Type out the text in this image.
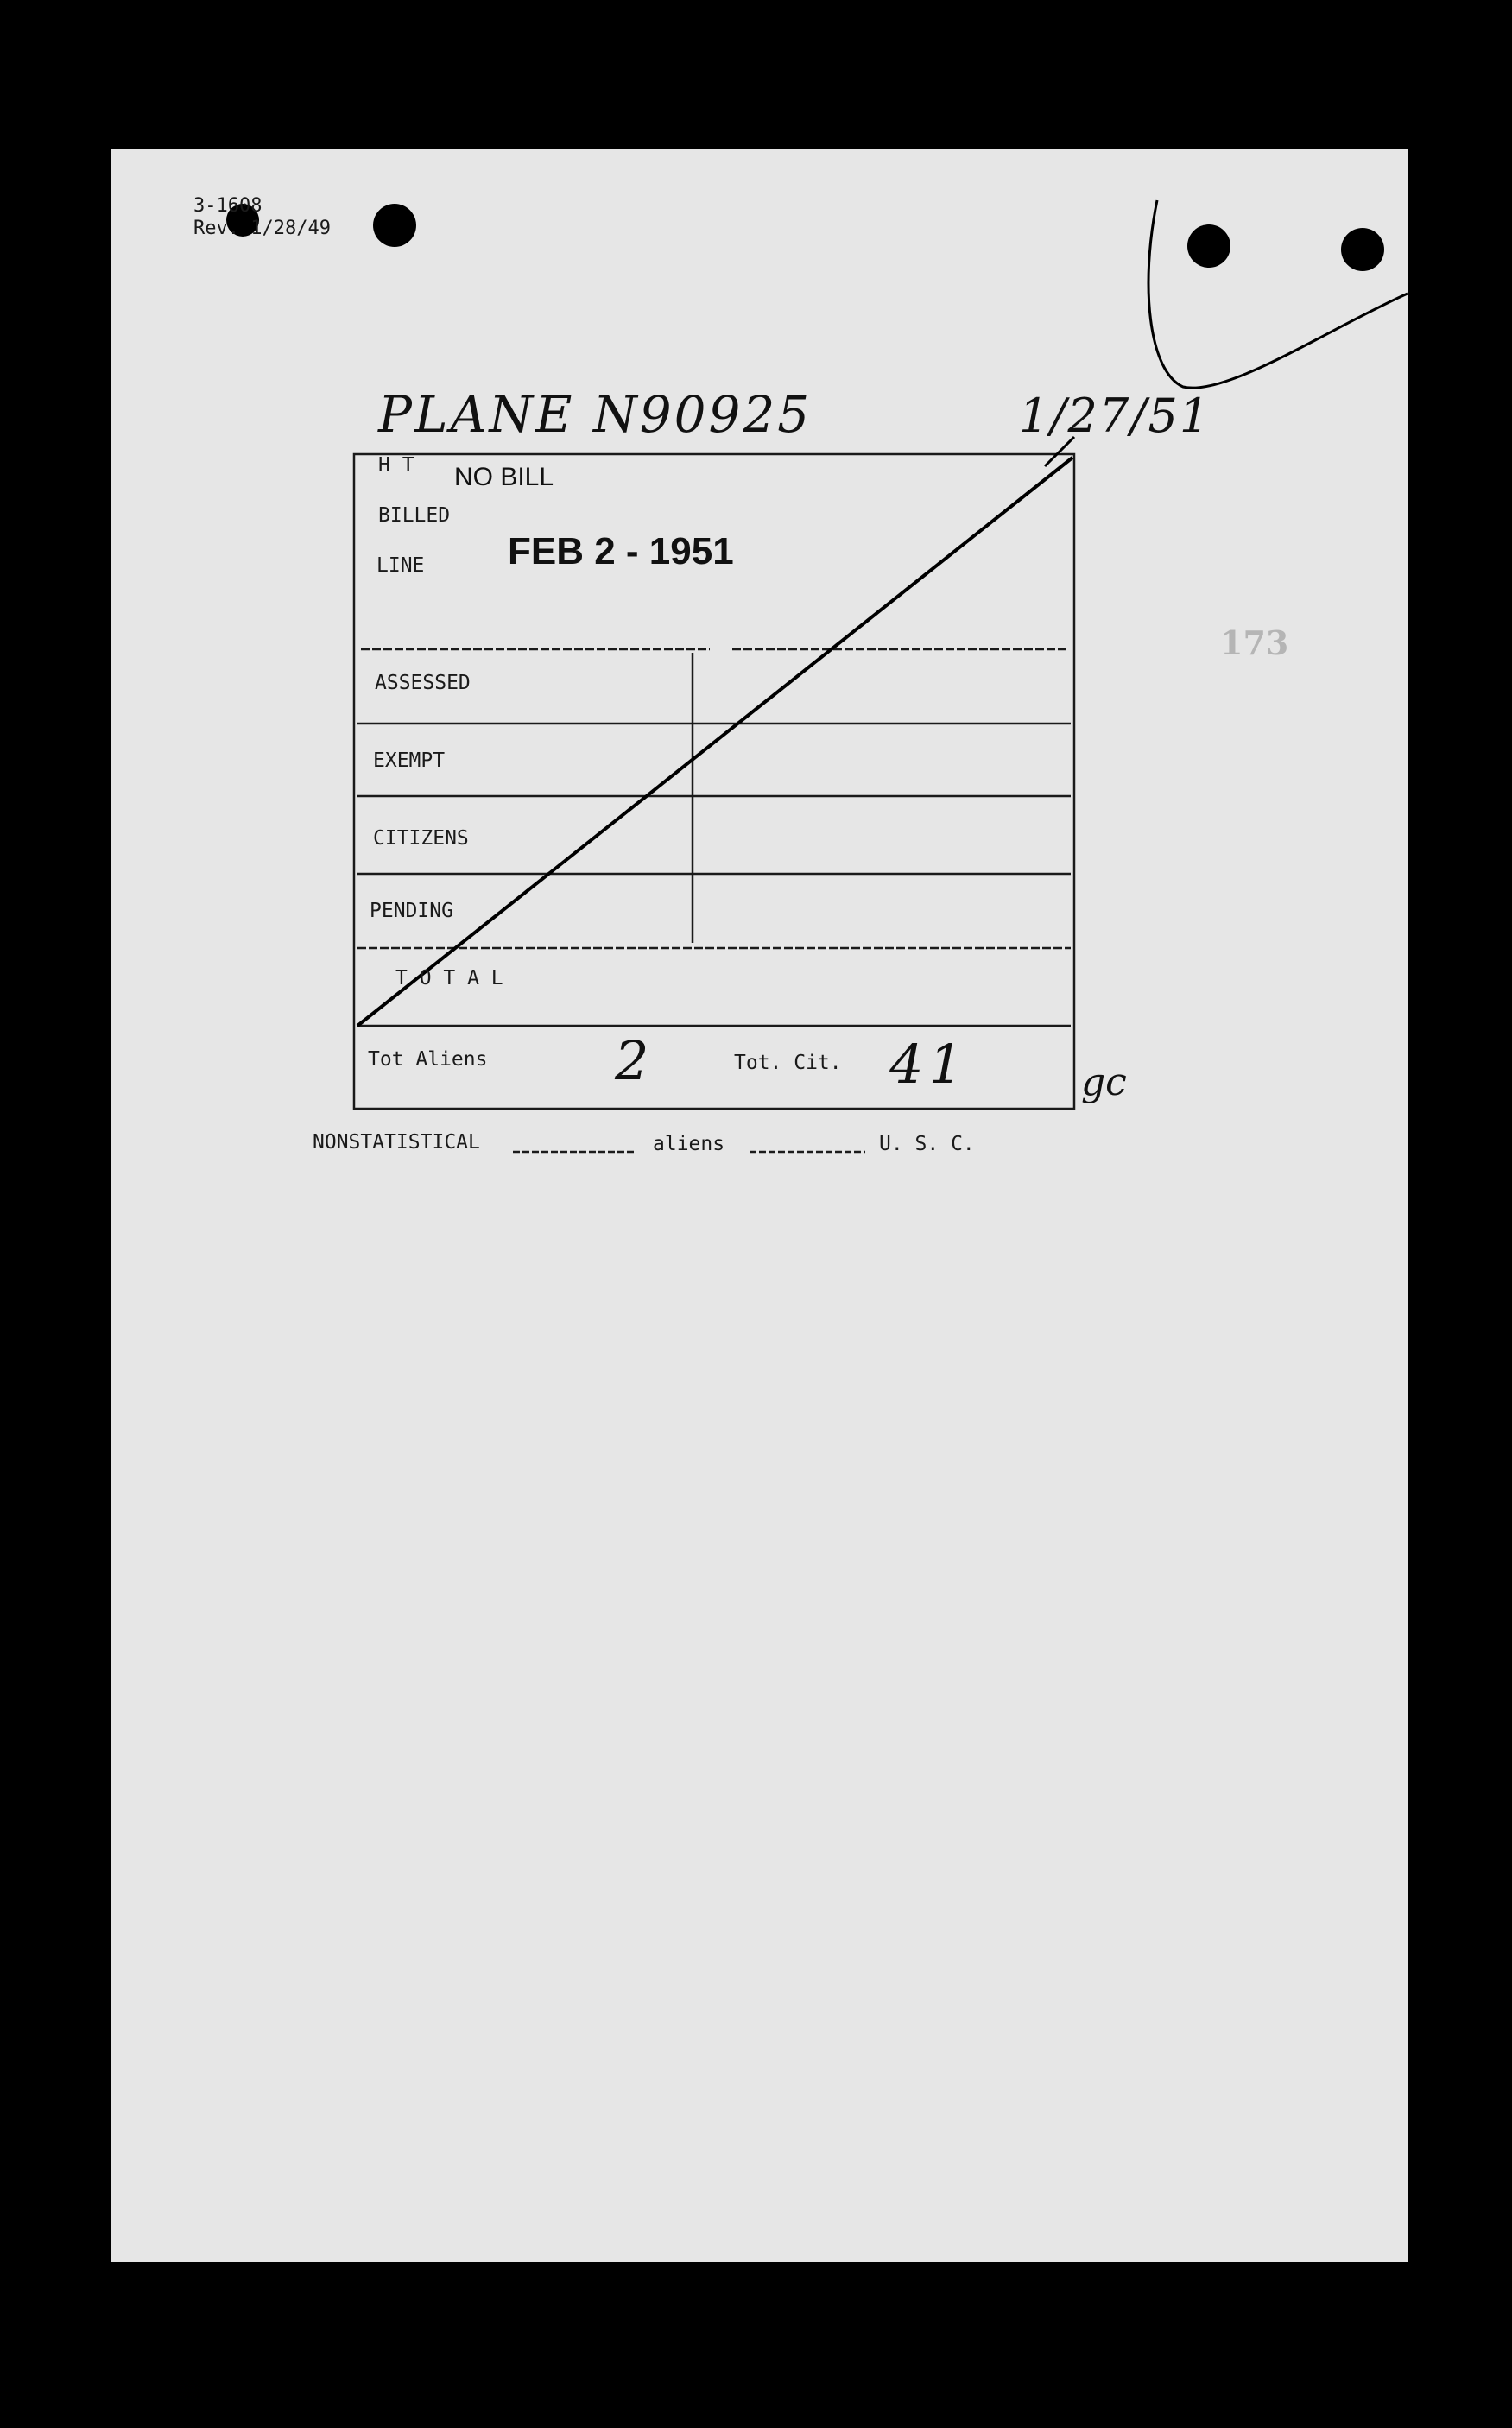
3-1608
Rev. 1/28/49
PLANE N90925	1/27/51
173
H T NO BILL
BILLED
LINE FEB 2 - 1951
ASSESSED
EXEMPT
CITIZENS
PENDING
T O T A L
Tot Aliens 2	Tot. Cit. 41	gc
NONSTATISTICAL	aliens	U. S. C.
